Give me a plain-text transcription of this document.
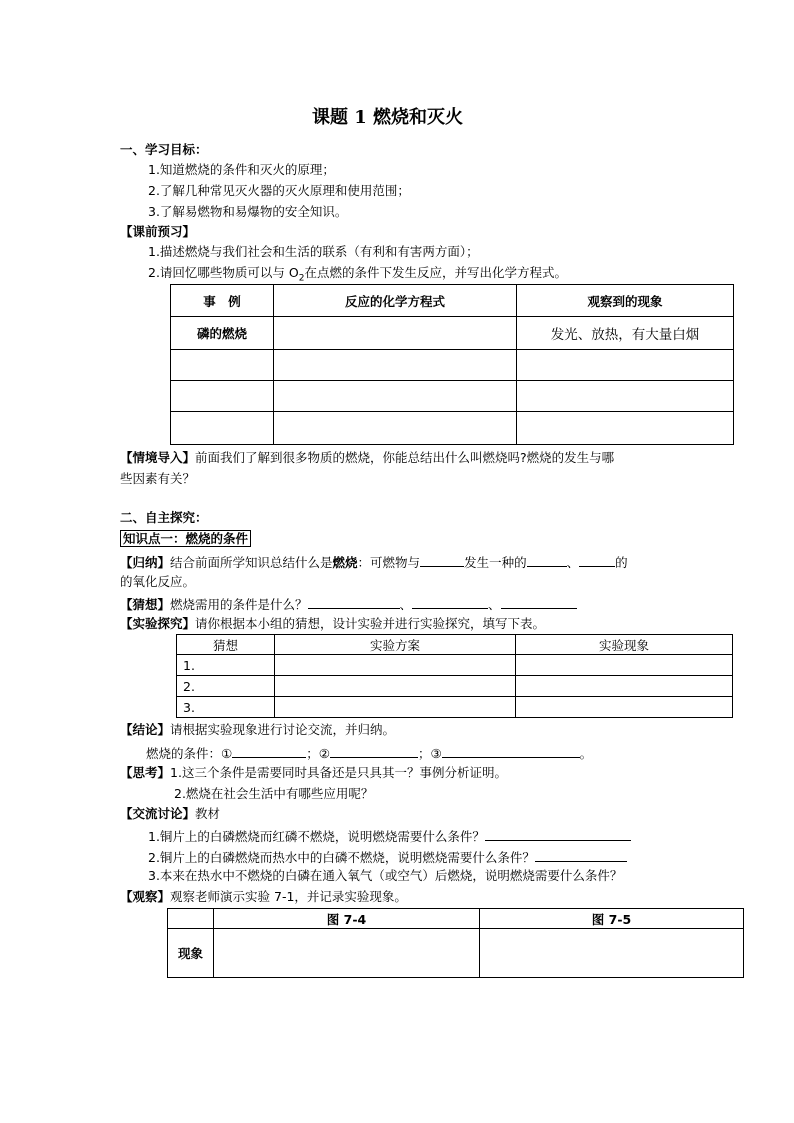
课题 1 燃烧和灭火
一、学习目标：
1.知道燃烧的条件和灭火的原理；
2.了解几种常见灭火器的灭火原理和使用范围；
3.了解易燃物和易爆物的安全知识。
【课前预习】
1.描述燃烧与我们社会和生活的联系（有利和有害两方面）；
2.请回忆哪些物质可以与 $O_2$在点燃的条件下发生反应，并写出化学方程式。
事　例	反应的化学方程式	观察到的现象
磷的燃烧		发光、放热，有大量白烟

【情境导入】前面我们了解到很多物质的燃烧，你能总结出什么叫燃烧吗?燃烧的发生与哪
些因素有关？
二、自主探究：
知识点一：燃烧的条件
【归纳】结合前面所学知识总结什么是燃烧：可燃物与	发生一种的	、	的
的氧化反应。
【猜想】燃烧需用的条件是什么？	、	、
【实验探究】请你根据本小组的猜想，设计实验并进行实验探究，填写下表。
猜想	实验方案	实验现象
1.		
2.		
3.		
【结论】请根据实验现象进行讨论交流，并归纳。
燃烧的条件：①	；②	；③	。
【思考】1.这三个条件是需要同时具备还是只具其一？事例分析证明。
2.燃烧在社会生活中有哪些应用呢？
【交流讨论】教材
1.铜片上的白磷燃烧而红磷不燃烧，说明燃烧需要什么条件？
2.铜片上的白磷燃烧而热水中的白磷不燃烧，说明燃烧需要什么条件？
3.本来在热水中不燃烧的白磷在通入氧气（或空气）后燃烧，说明燃烧需要什么条件？
【观察】观察老师演示实验 7-1，并记录实验现象。
	图 7-4	图 7-5
现象		
